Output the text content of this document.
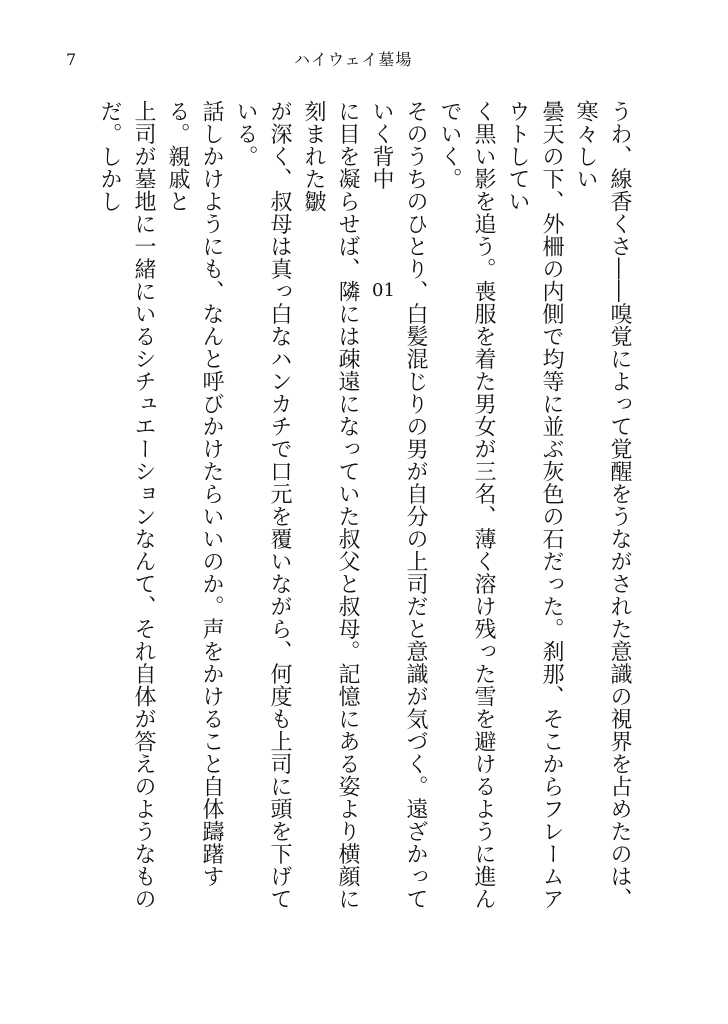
7	ハイウェイ墓場
01	うわ、線香くさ――嗅覚によって覚醒をうながされた意識の視界を占めたのは、寒々しい
曇天の下、外柵の内側で均等に並ぶ灰色の石だった。刹那、そこからフレームアウトしてい
く黒い影を追う。喪服を着た男女が三名、薄く溶け残った雪を避けるように進んでいく。
そのうちのひとり、白髪混じりの男が自分の上司だと意識が気づく。遠ざかっていく背中
に目を凝らせば、隣には疎遠になっていた叔父と叔母。記憶にある姿より横顔に刻まれた皺
が深く、叔母は真っ白なハンカチで口元を覆いながら、何度も上司に頭を下げている。
話しかけようにも、なんと呼びかけたらいいのか。声をかけること自体躊躇する。親戚と
上司が墓地に一緒にいるシチュエーションなんて、それ自体が答えのようなものだ。しかし
